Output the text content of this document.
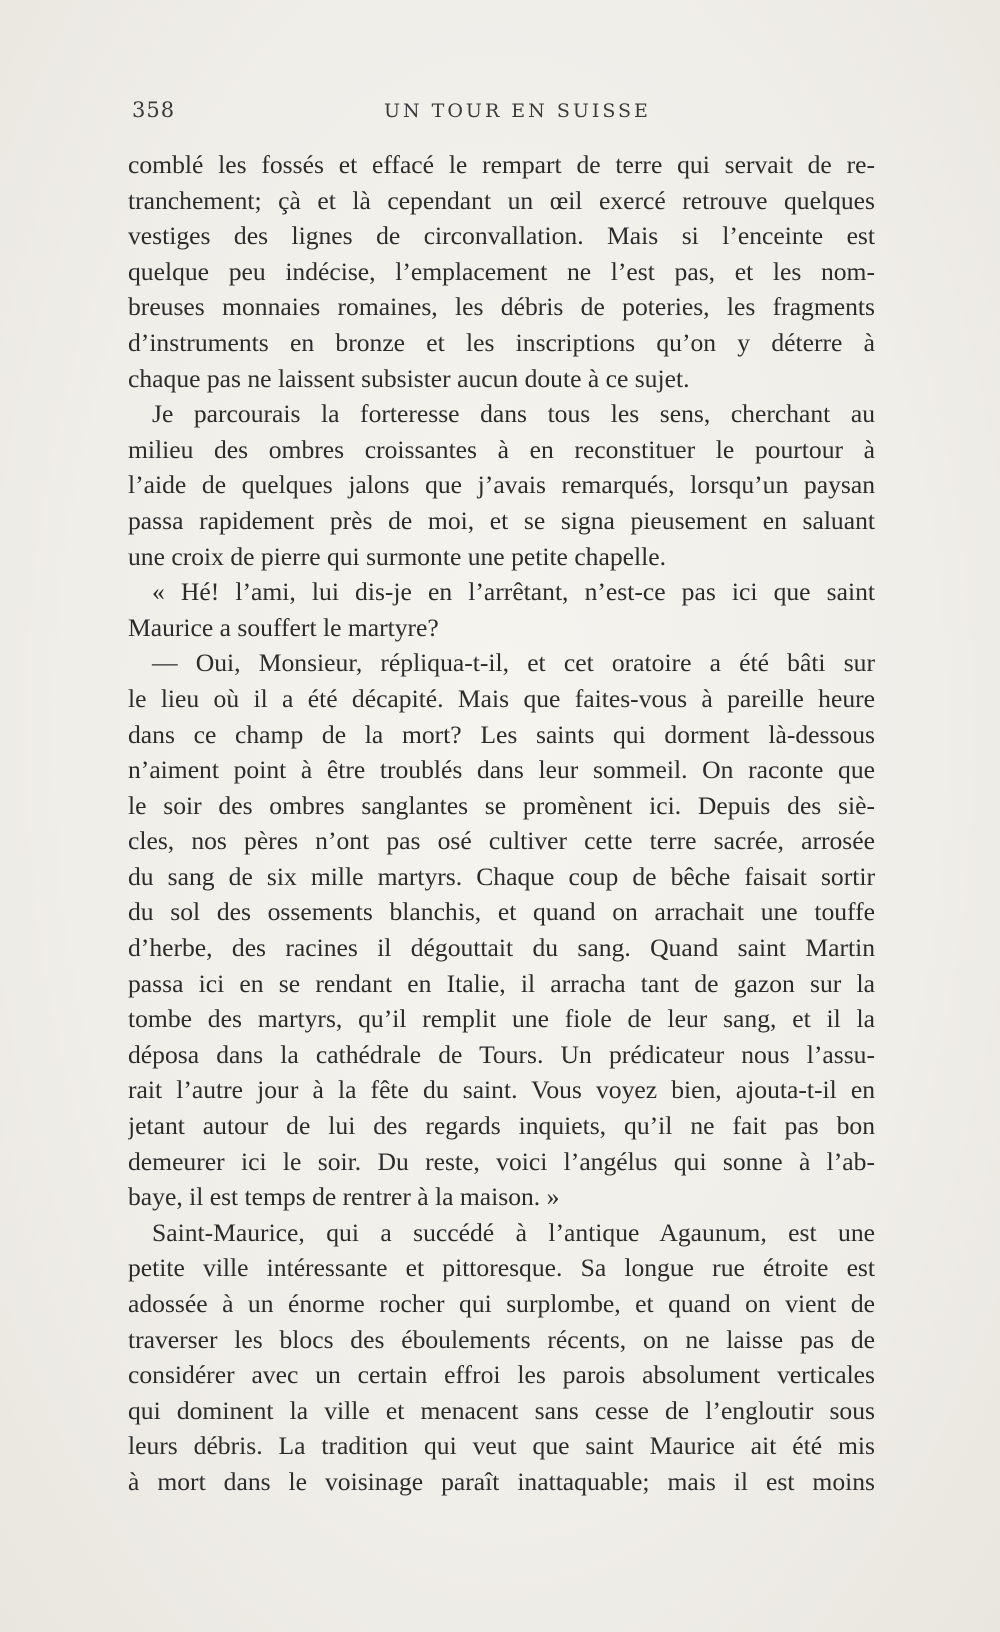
358	UN TOUR EN SUISSE
comblé les fossés et effacé le rempart de terre qui servait de re-
tranchement; çà et là cependant un œil exercé retrouve quelques
vestiges des lignes de circonvallation. Mais si l’enceinte est
quelque peu indécise, l’emplacement ne l’est pas, et les nom-
breuses monnaies romaines, les débris de poteries, les fragments
d’instruments en bronze et les inscriptions qu’on y déterre à
chaque pas ne laissent subsister aucun doute à ce sujet.
Je parcourais la forteresse dans tous les sens, cherchant au
milieu des ombres croissantes à en reconstituer le pourtour à
l’aide de quelques jalons que j’avais remarqués, lorsqu’un paysan
passa rapidement près de moi, et se signa pieusement en saluant
une croix de pierre qui surmonte une petite chapelle.
« Hé! l’ami, lui dis-je en l’arrêtant, n’est-ce pas ici que saint
Maurice a souffert le martyre?
— Oui, Monsieur, répliqua-t-il, et cet oratoire a été bâti sur
le lieu où il a été décapité. Mais que faites-vous à pareille heure
dans ce champ de la mort? Les saints qui dorment là-dessous
n’aiment point à être troublés dans leur sommeil. On raconte que
le soir des ombres sanglantes se promènent ici. Depuis des siè-
cles, nos pères n’ont pas osé cultiver cette terre sacrée, arrosée
du sang de six mille martyrs. Chaque coup de bêche faisait sortir
du sol des ossements blanchis, et quand on arrachait une touffe
d’herbe, des racines il dégouttait du sang. Quand saint Martin
passa ici en se rendant en Italie, il arracha tant de gazon sur la
tombe des martyrs, qu’il remplit une fiole de leur sang, et il la
déposa dans la cathédrale de Tours. Un prédicateur nous l’assu-
rait l’autre jour à la fête du saint. Vous voyez bien, ajouta-t-il en
jetant autour de lui des regards inquiets, qu’il ne fait pas bon
demeurer ici le soir. Du reste, voici l’angélus qui sonne à l’ab-
baye, il est temps de rentrer à la maison. »
Saint-Maurice, qui a succédé à l’antique Agaunum, est une
petite ville intéressante et pittoresque. Sa longue rue étroite est
adossée à un énorme rocher qui surplombe, et quand on vient de
traverser les blocs des éboulements récents, on ne laisse pas de
considérer avec un certain effroi les parois absolument verticales
qui dominent la ville et menacent sans cesse de l’engloutir sous
leurs débris. La tradition qui veut que saint Maurice ait été mis
à mort dans le voisinage paraît inattaquable; mais il est moins
